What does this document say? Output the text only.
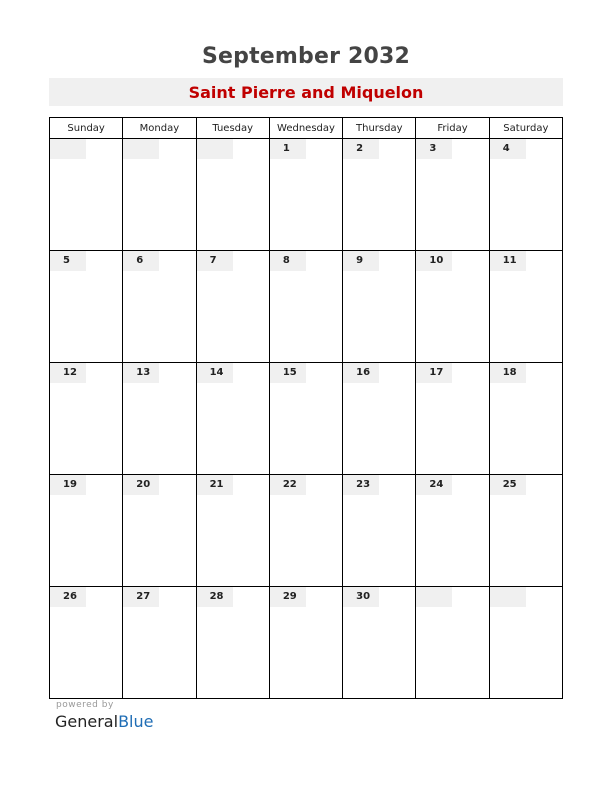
September 2032
Saint Pierre and Miquelon
Sunday	Monday	Tuesday	Wednesday	Thursday	Friday	Saturday

			1	2	3	4

5	6	7	8	9	10	11

12	13	14	15	16	17	18

19	20	21	22	23	24	25

26	27	28	29	30		

powered by
GeneralBlue
